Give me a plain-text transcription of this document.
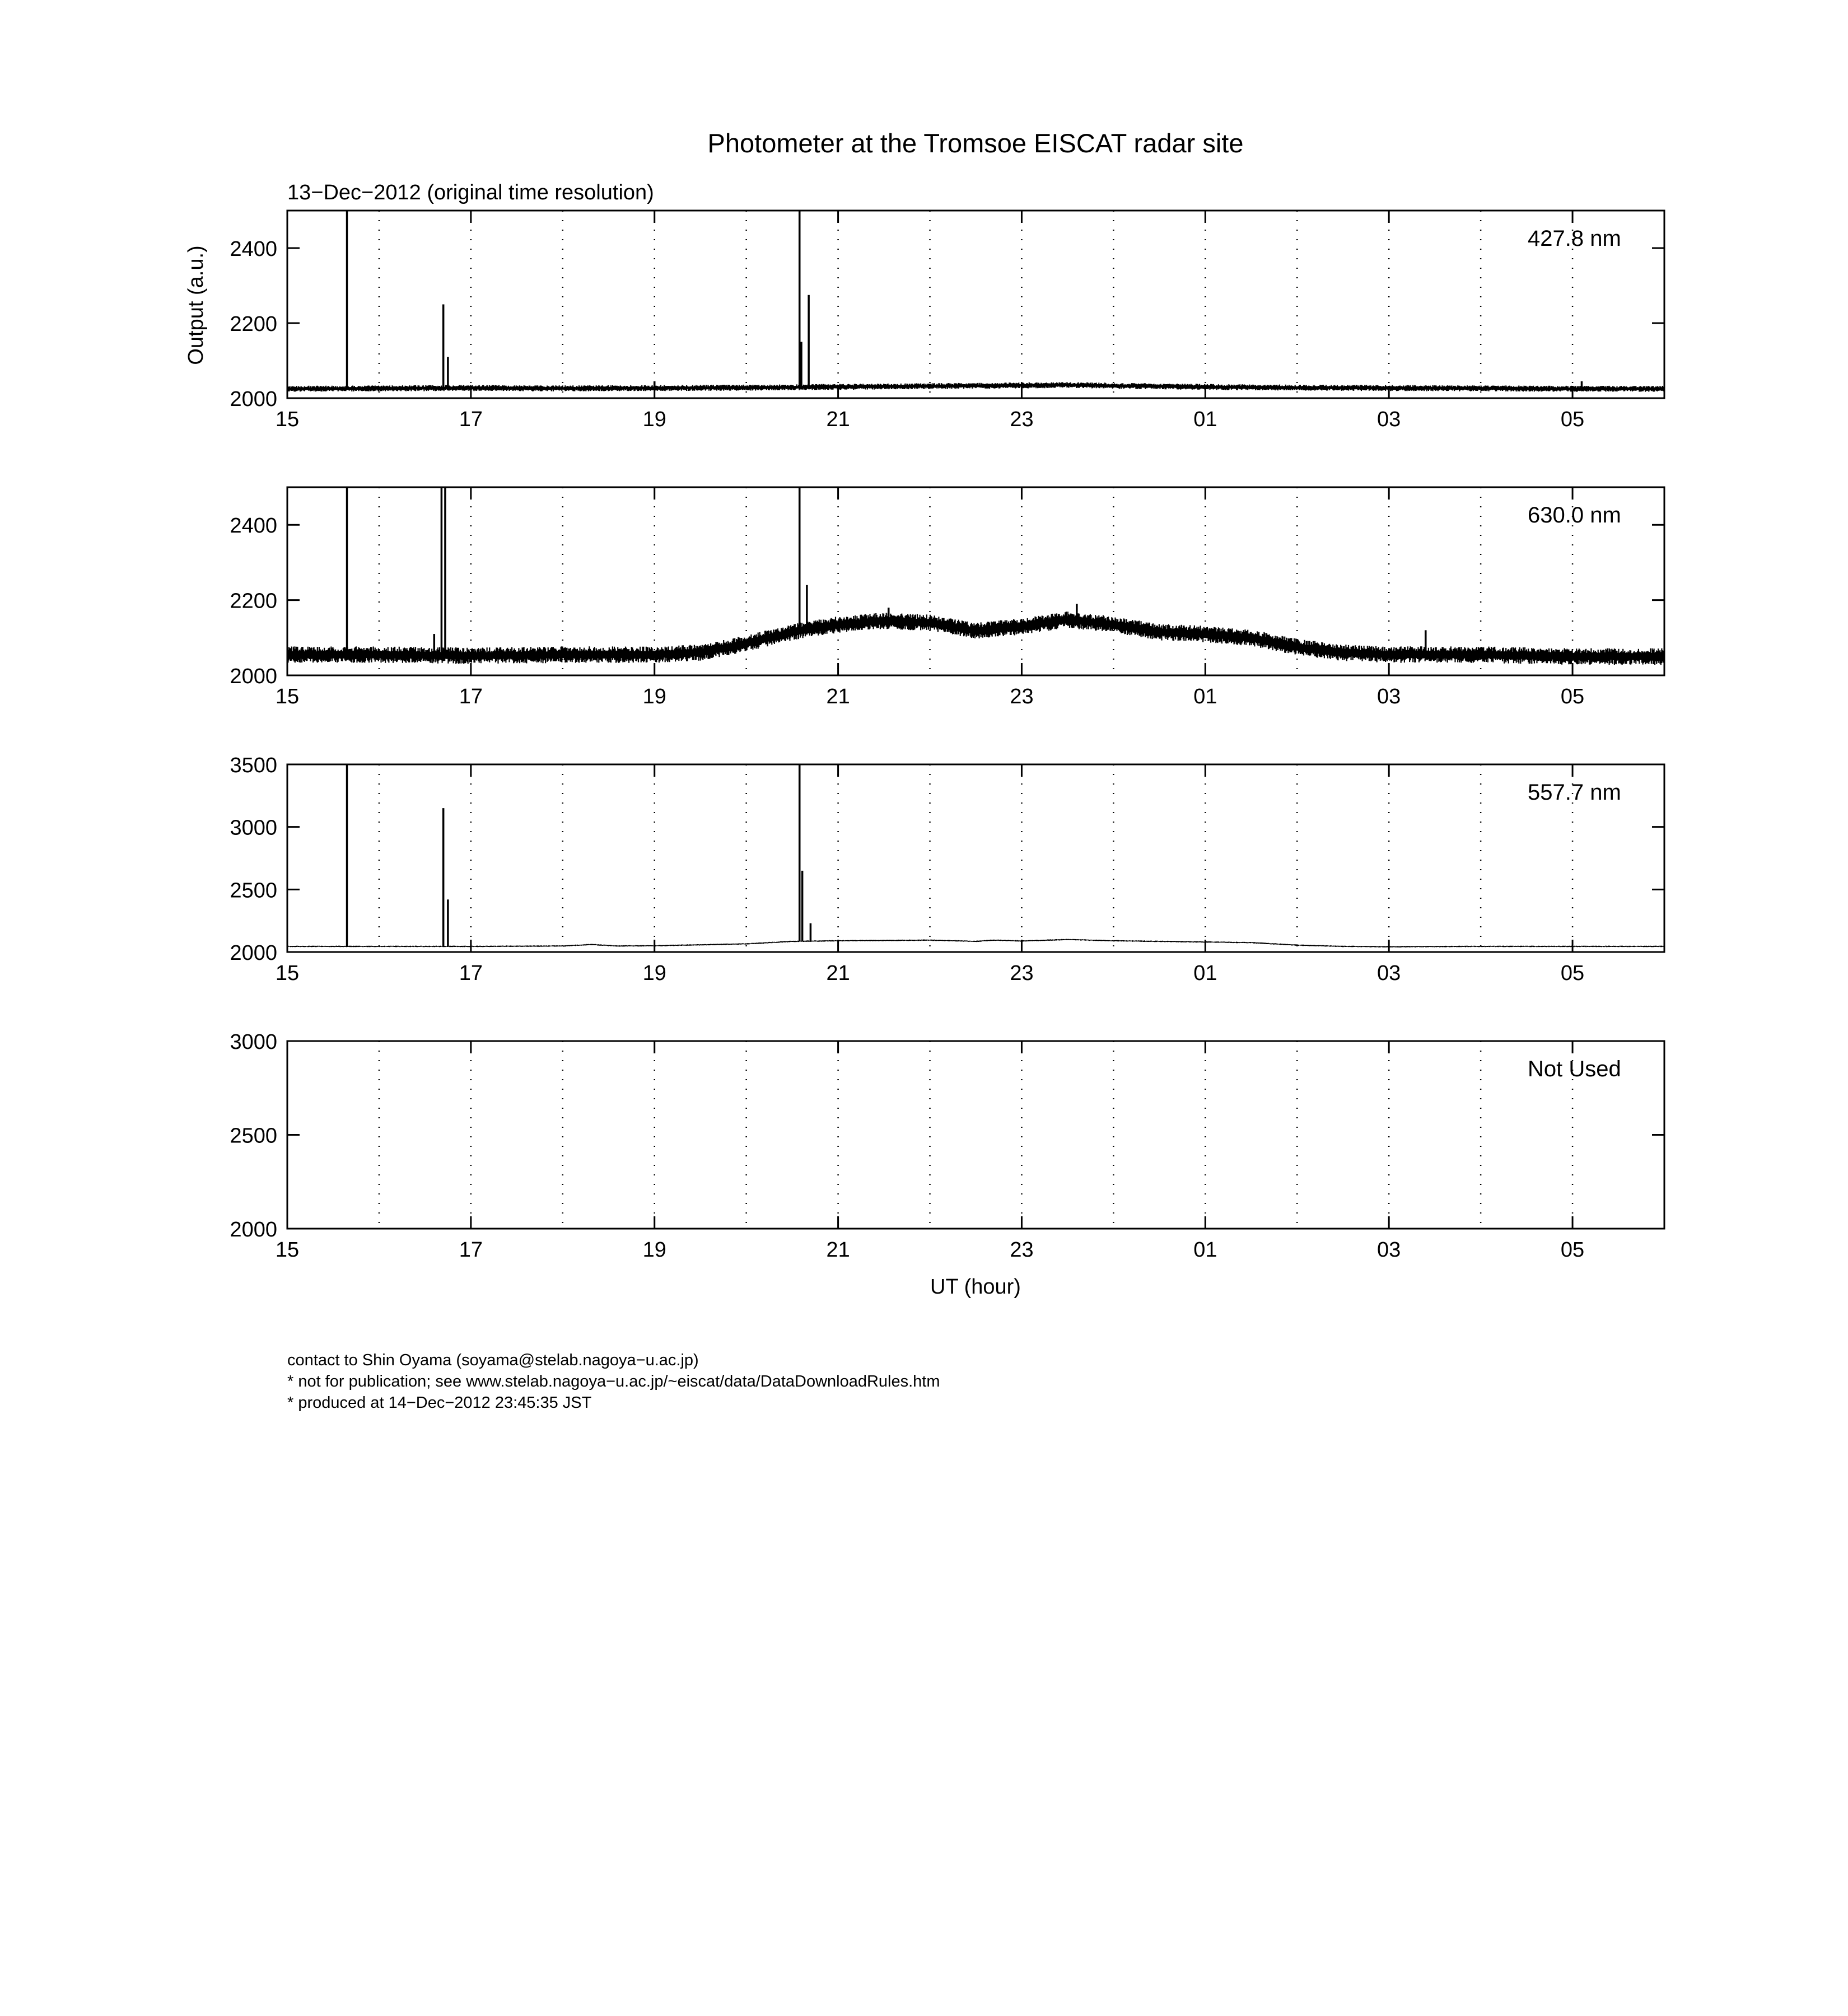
Photometer at the Tromsoe EISCAT radar site
13−Dec−2012 (original time resolution)
Output (a.u.)
UT (hour)
15	17	19	21	23	01	03	05
2000
2200
2400	427.8 nm
15	17	19	21	23	01	03	05
2000
2200
2400	630.0 nm
15	17	19	21	23	01	03	05
2000
2500
3000
3500
557.7 nm
15	17	19	21	23	01	03	05
2000
2500
3000
Not Used
contact to Shin Oyama (soyama@stelab.nagoya−u.ac.jp)
* not for publication; see www.stelab.nagoya−u.ac.jp/~eiscat/data/DataDownloadRules.htm
* produced at 14−Dec−2012 23:45:35 JST
